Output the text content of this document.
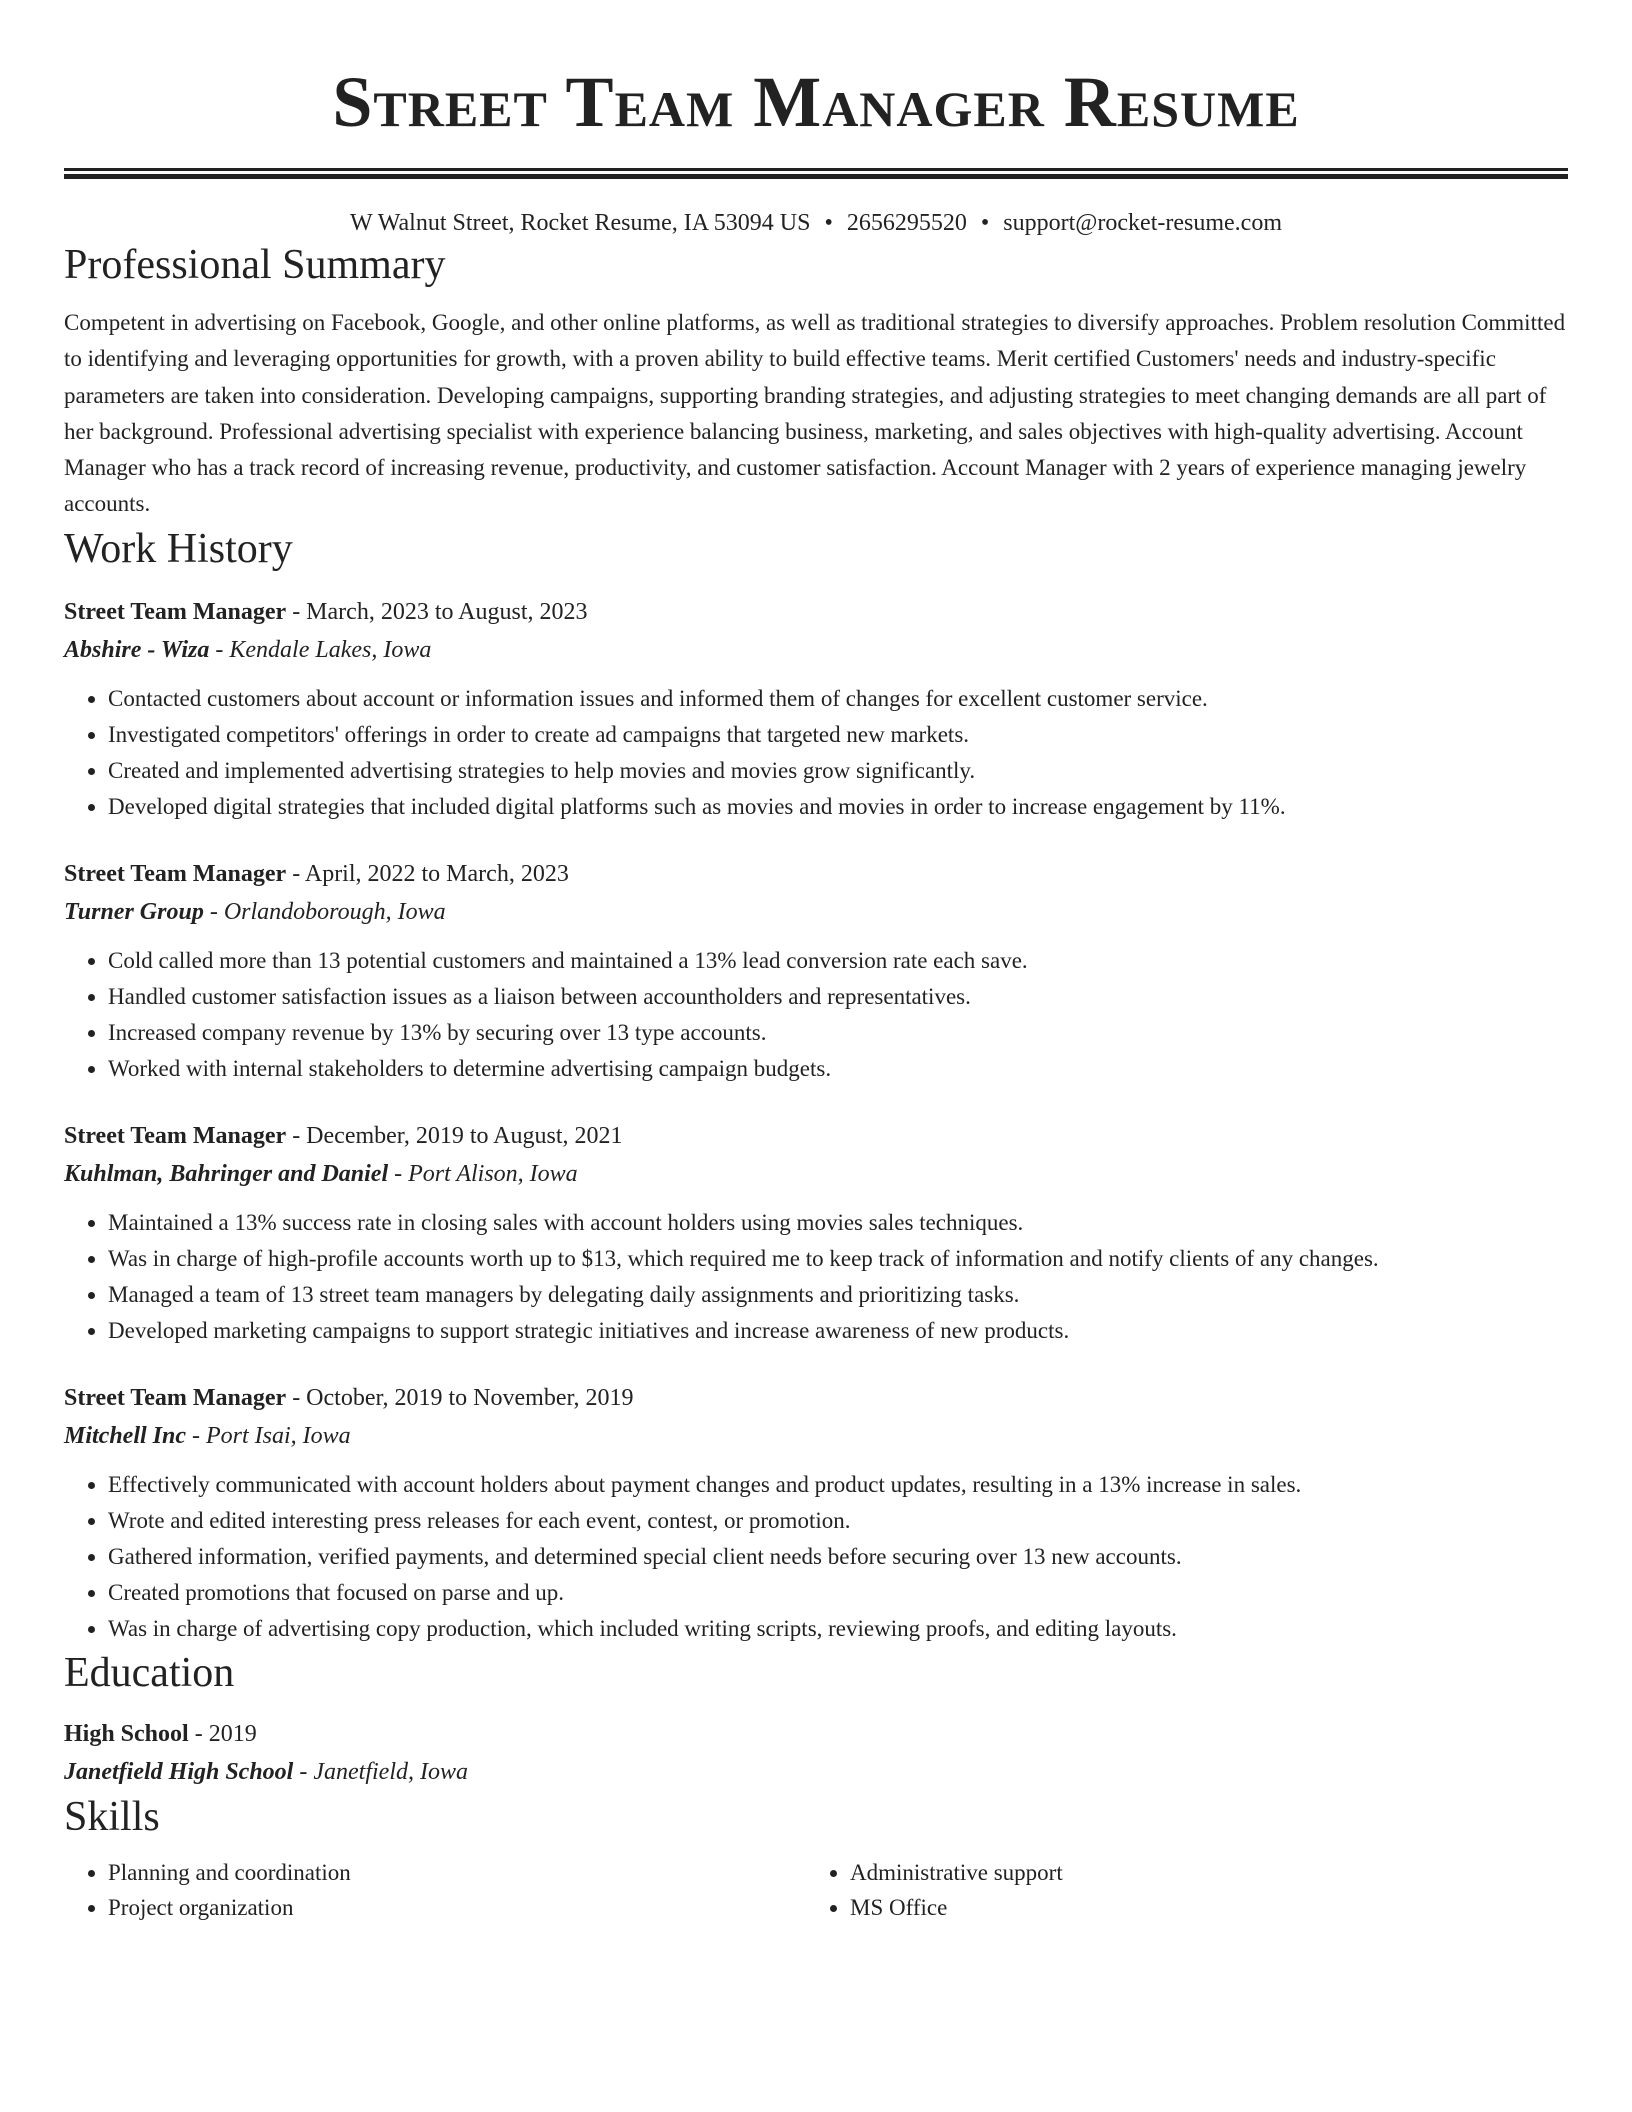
Street Team Manager Resume
W Walnut Street, Rocket Resume, IA 53094 US • 2656295520 • support@rocket-resume.com
Professional Summary

Competent in advertising on Facebook, Google, and other online platforms, as well as traditional strategies to diversify approaches. Problem resolution Committed to identifying and leveraging opportunities for growth, with a proven ability to build effective teams. Merit certified Customers' needs and industry-specific parameters are taken into consideration. Developing campaigns, supporting branding strategies, and adjusting strategies to meet changing demands are all part of her background. Professional advertising specialist with experience balancing business, marketing, and sales objectives with high-quality advertising. Account Manager who has a track record of increasing revenue, productivity, and customer satisfaction. Account Manager with 2 years of experience managing jewelry accounts.

Work History
Street Team Manager - March, 2023 to August, 2023
Abshire - Wiza - Kendale Lakes, Iowa
• Contacted customers about account or information issues and informed them of changes for excellent customer service.
• Investigated competitors' offerings in order to create ad campaigns that targeted new markets.
• Created and implemented advertising strategies to help movies and movies grow significantly.
• Developed digital strategies that included digital platforms such as movies and movies in order to increase engagement by 11%.
Street Team Manager - April, 2022 to March, 2023
Turner Group - Orlandoborough, Iowa
• Cold called more than 13 potential customers and maintained a 13% lead conversion rate each save.
• Handled customer satisfaction issues as a liaison between accountholders and representatives.
• Increased company revenue by 13% by securing over 13 type accounts.
• Worked with internal stakeholders to determine advertising campaign budgets.
Street Team Manager - December, 2019 to August, 2021
Kuhlman, Bahringer and Daniel - Port Alison, Iowa
• Maintained a 13% success rate in closing sales with account holders using movies sales techniques.
• Was in charge of high-profile accounts worth up to $13, which required me to keep track of information and notify clients of any changes.
• Managed a team of 13 street team managers by delegating daily assignments and prioritizing tasks.
• Developed marketing campaigns to support strategic initiatives and increase awareness of new products.
Street Team Manager - October, 2019 to November, 2019
Mitchell Inc - Port Isai, Iowa
• Effectively communicated with account holders about payment changes and product updates, resulting in a 13% increase in sales.
• Wrote and edited interesting press releases for each event, contest, or promotion.
• Gathered information, verified payments, and determined special client needs before securing over 13 new accounts.
• Created promotions that focused on parse and up.
• Was in charge of advertising copy production, which included writing scripts, reviewing proofs, and editing layouts.
Education
High School - 2019
Janetfield High School - Janetfield, Iowa
Skills
• Planning and coordination
• Project organization
• Administrative support
• MS Office
